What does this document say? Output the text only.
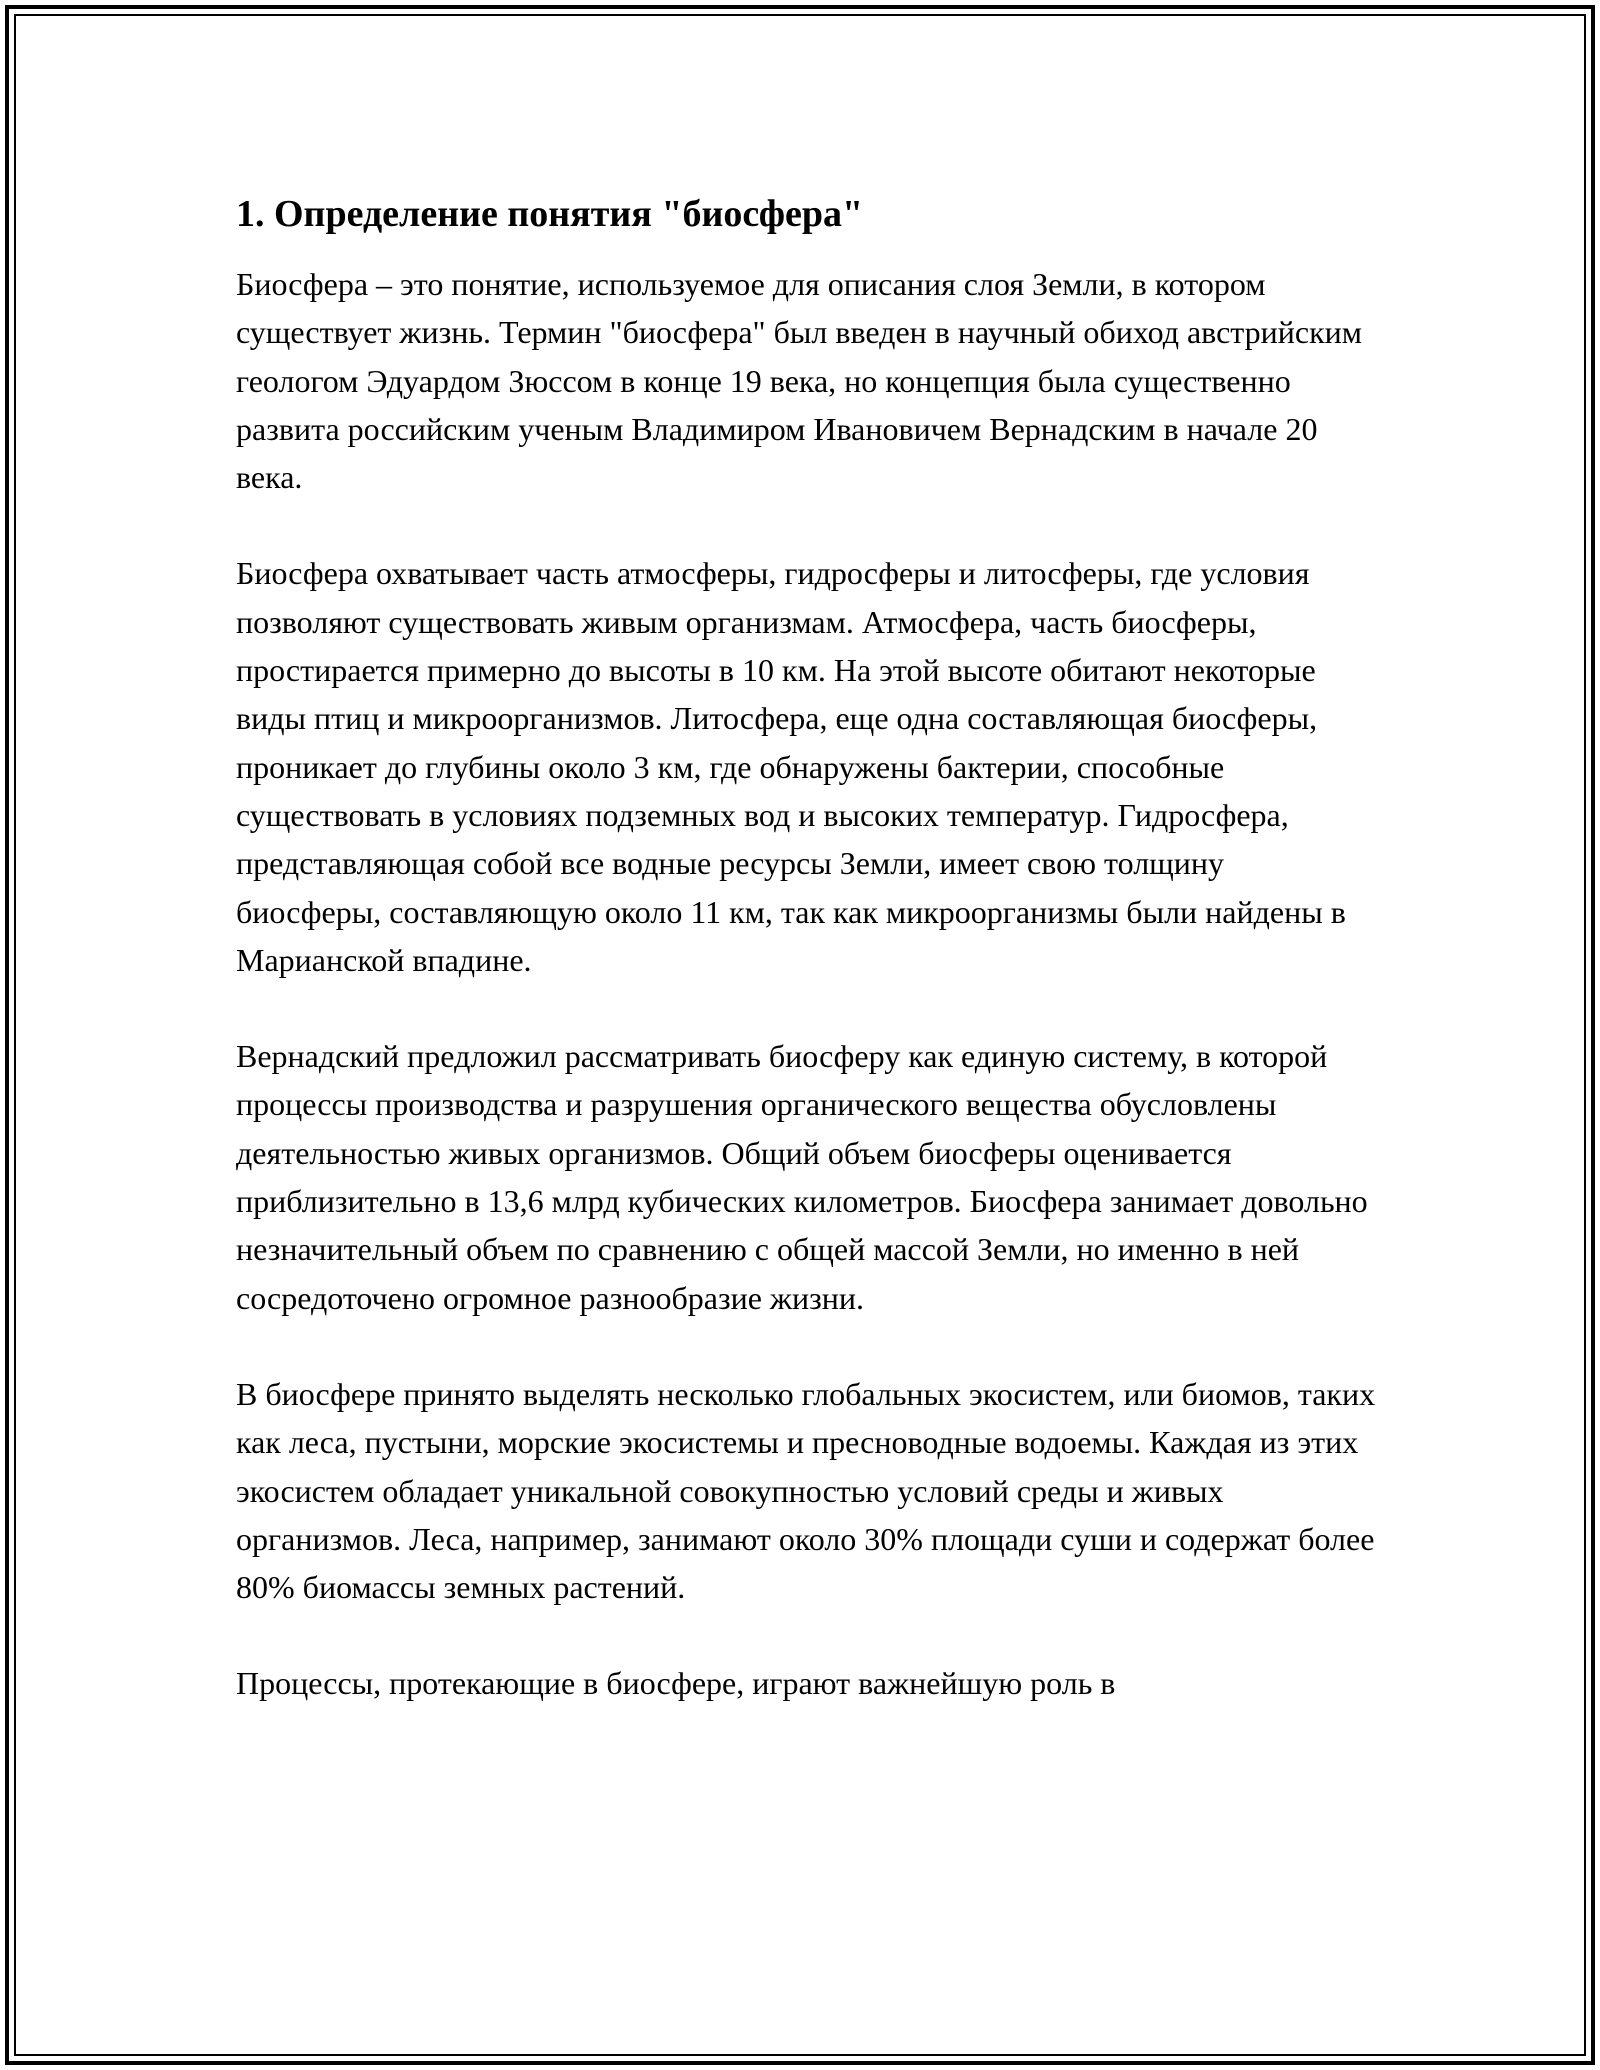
1. Определение понятия "биосфера"

Биосфера – это понятие, используемое для описания слоя Земли, в котором существует жизнь. Термин "биосфера" был введен в научный обиход австрийским геологом Эдуардом Зюссом в конце 19 века, но концепция была существенно развита российским ученым Владимиром Ивановичем Вернадским в начале 20 века.

Биосфера охватывает часть атмосферы, гидросферы и литосферы, где условия позволяют существовать живым организмам. Атмосфера, часть биосферы, простирается примерно до высоты в 10 км. На этой высоте обитают некоторые виды птиц и микроорганизмов. Литосфера, еще одна составляющая биосферы, проникает до глубины около 3 км, где обнаружены бактерии, способные существовать в условиях подземных вод и высоких температур. Гидросфера, представляющая собой все водные ресурсы Земли, имеет свою толщину биосферы, составляющую около 11 км, так как микроорганизмы были найдены в Марианской впадине.

Вернадский предложил рассматривать биосферу как единую систему, в которой процессы производства и разрушения органического вещества обусловлены деятельностью живых организмов. Общий объем биосферы оценивается приблизительно в 13,6 млрд кубических километров. Биосфера занимает довольно незначительный объем по сравнению с общей массой Земли, но именно в ней сосредоточено огромное разнообразие жизни.

В биосфере принято выделять несколько глобальных экосистем, или биомов, таких как леса, пустыни, морские экосистемы и пресноводные водоемы. Каждая из этих экосистем обладает уникальной совокупностью условий среды и живых организмов. Леса, например, занимают около 30% площади суши и содержат более 80% биомассы земных растений.

Процессы, протекающие в биосфере, играют важнейшую роль в
